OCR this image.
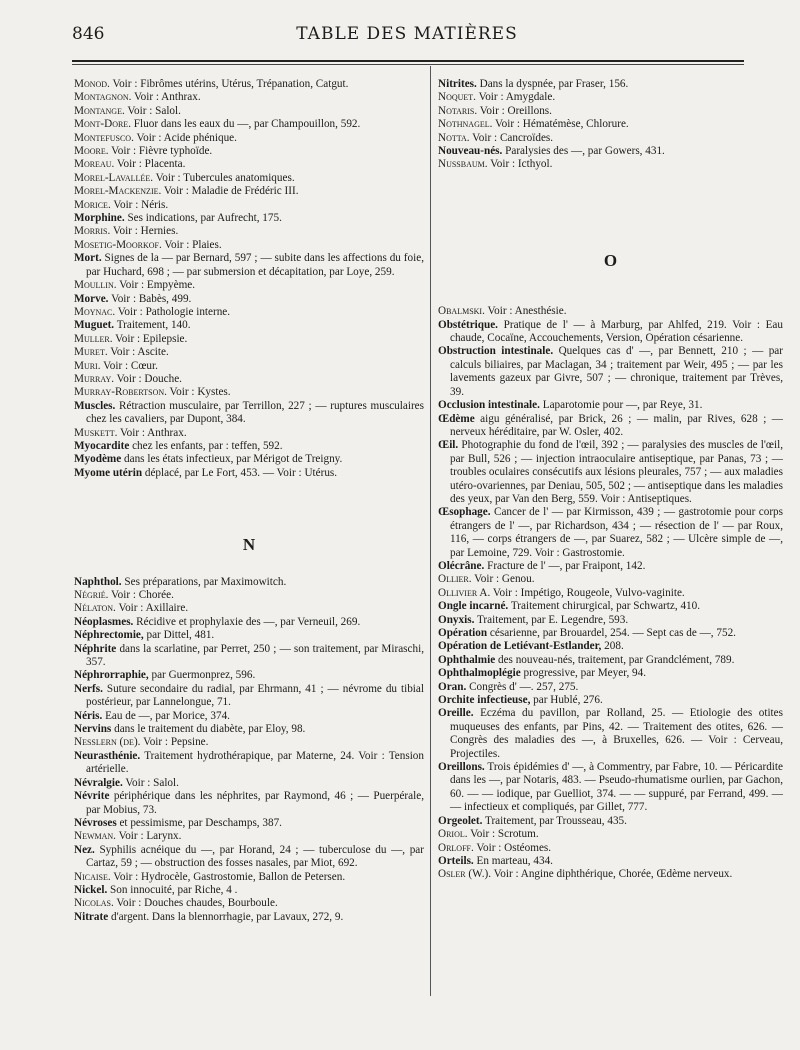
846	TABLE DES MATIÈRES

Monod. Voir : Fibrômes utérins, Utérus, Trépanation, Catgut.

Montagnon. Voir : Anthrax.

Montange. Voir : Salol.

Mont-Dore. Fluor dans les eaux du —, par Champouillon, 592.

Montefusco. Voir : Acide phénique.

Moore. Voir : Fièvre typhoïde.

Moreau. Voir : Placenta.

Morel-Lavallée. Voir : Tubercules anatomiques.

Morel-Mackenzie. Voir : Maladie de Frédéric III.

Morice. Voir : Néris.

Morphine. Ses indications, par Aufrecht, 175.

Morris. Voir : Hernies.

Mosetig-Moorkof. Voir : Plaies.

Mort. Signes de la — par Bernard, 597 ; — subite dans les affections du foie, par Huchard, 698 ; — par submersion et décapitation, par Loye, 259.

Moullin. Voir : Empyème.

Morve. Voir : Babès, 499.

Moynac. Voir : Pathologie interne.

Muguet. Traitement, 140.

Muller. Voir : Epilepsie.

Muret. Voir : Ascite.

Muri. Voir : Cœur.

Murray. Voir : Douche.

Murray-Robertson. Voir : Kystes.

Muscles. Rétraction musculaire, par Terrillon, 227 ; — ruptures musculaires chez les cavaliers, par Dupont, 384.

Muskett. Voir : Anthrax.

Myocardite chez les enfants, par : teffen, 592.

Myodème dans les états infectieux, par Mérigot de Treigny.

Myome utérin déplacé, par Le Fort, 453. — Voir : Utérus.

N

Naphthol. Ses préparations, par Maximowitch.

Négrié. Voir : Chorée.

Nélaton. Voir : Axillaire.

Néoplasmes. Récidive et prophylaxie des —, par Verneuil, 269.

Néphrectomie, par Dittel, 481.

Néphrite dans la scarlatine, par Perret, 250 ; — son traitement, par Miraschi, 357.

Néphrorraphie, par Guermonprez, 596.

Nerfs. Suture secondaire du radial, par Ehrmann, 41 ; — névrome du tibial postérieur, par Lannelongue, 71.

Néris. Eau de —, par Morice, 374.

Nervins dans le traitement du diabète, par Eloy, 98.

Nesslern (de). Voir : Pepsine.

Neurasthénie. Traitement hydrothérapique, par Materne, 24. Voir : Tension artérielle.

Névralgie. Voir : Salol.

Névrite périphérique dans les néphrites, par Raymond, 46 ; — Puerpérale, par Mobius, 73.

Névroses et pessimisme, par Deschamps, 387.

Newman. Voir : Larynx.

Nez. Syphilis acnéique du —, par Horand, 24 ; — tuberculose du —, par Cartaz, 59 ; — obstruction des fosses nasales, par Miot, 692.

Nicaise. Voir : Hydrocèle, Gastrostomie, Ballon de Petersen.

Nickel. Son innocuité, par Riche, 4 .

Nicolas. Voir : Douches chaudes, Bourboule.

Nitrate d'argent. Dans la blennorrhagie, par Lavaux, 272, 9.

Nitrites. Dans la dyspnée, par Fraser, 156.

Noquet. Voir : Amygdale.

Notaris. Voir : Oreillons.

Nothnagel. Voir : Hématémèse, Chlorure.

Notta. Voir : Cancroïdes.

Nouveau-nés. Paralysies des —, par Gowers, 431.

Nussbaum. Voir : Icthyol.

O

Obalmski. Voir : Anesthésie.

Obstétrique. Pratique de l' — à Marburg, par Ahlfed, 219. Voir : Eau chaude, Cocaïne, Accouchements, Version, Opération césarienne.

Obstruction intestinale. Quelques cas d' —, par Bennett, 210 ; — par calculs biliaires, par Maclagan, 34 ; traitement par Weir, 495 ; — par les lavements gazeux par Givre, 507 ; — chronique, traitement par Trèves, 39.

Occlusion intestinale. Laparotomie pour —, par Reye, 31.

Œdème aigu généralisé, par Brick, 26 ; — malin, par Rives, 628 ; — nerveux héréditaire, par W. Osler, 402.

Œil. Photographie du fond de l'œil, 392 ; — paralysies des muscles de l'œil, par Bull, 526 ; — injection intraoculaire antiseptique, par Panas, 73 ; — troubles oculaires consécutifs aux lésions pleurales, 757 ; — aux maladies utéro-ovariennes, par Deniau, 505, 502 ; — antiseptique dans les maladies des yeux, par Van den Berg, 559. Voir : Antiseptiques.

Œsophage. Cancer de l' — par Kirmisson, 439 ; — gastrotomie pour corps étrangers de l' —, par Richardson, 434 ; — résection de l' — par Roux, 116, — corps étrangers de —, par Suarez, 582 ; — Ulcère simple de —, par Lemoine, 729. Voir : Gastrostomie.

Olécrâne. Fracture de l' —, par Fraipont, 142.

Ollier. Voir : Genou.

Ollivier A. Voir : Impétigo, Rougeole, Vulvo-vaginite.

Ongle incarné. Traitement chirurgical, par Schwartz, 410.

Onyxis. Traitement, par E. Legendre, 593.

Opération césarienne, par Brouardel, 254. — Sept cas de —, 752.

Opération de Letiévant-Estlander, 208.

Ophthalmie des nouveau-nés, traitement, par Grandclément, 789.

Ophthalmoplégie progressive, par Meyer, 94.

Oran. Congrès d' —. 257, 275.

Orchite infectieuse, par Hublé, 276.

Oreille. Eczéma du pavillon, par Rolland, 25. — Etiologie des otites muqueuses des enfants, par Pins, 42. — Traitement des otites, 626. — Congrès des maladies des —, à Bruxelles, 626. — Voir : Cerveau, Projectiles.

Oreillons. Trois épidémies d' —, à Commentry, par Fabre, 10. — Péricardite dans les —, par Notaris, 483. — Pseudo-rhumatisme ourlien, par Gachon, 60. — — iodique, par Guelliot, 374. — — suppuré, par Ferrand, 499. — — infectieux et compliqués, par Gillet, 777.

Orgeolet. Traitement, par Trousseau, 435.

Oriol. Voir : Scrotum.

Orloff. Voir : Ostéomes.

Orteils. En marteau, 434.

Osler (W.). Voir : Angine diphthérique, Chorée, Œdème nerveux.
